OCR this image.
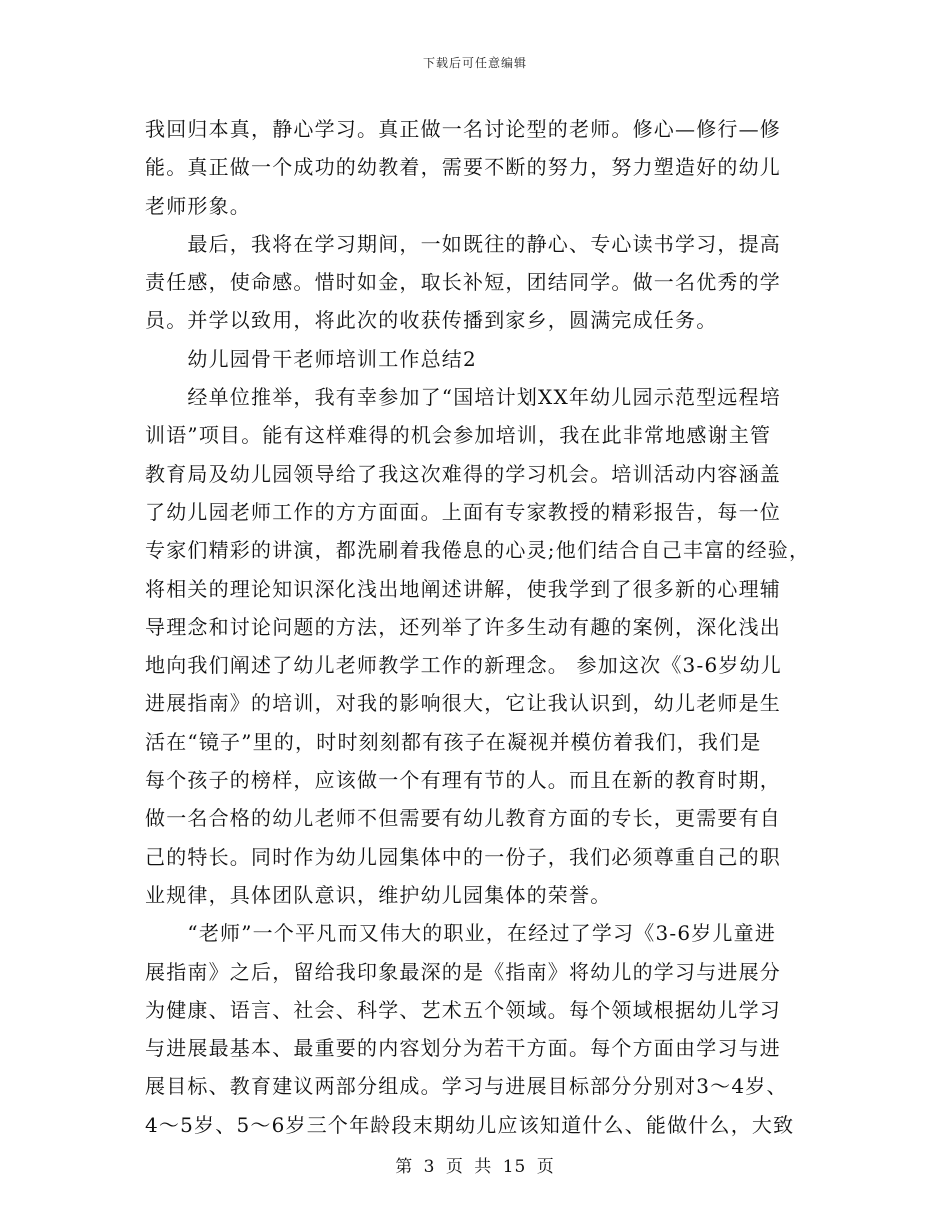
下载后可任意编辑
我回归本真，静心学习。真正做一名讨论型的老师。修心—修行—修
能。真正做一个成功的幼教着，需要不断的努力，努力塑造好的幼儿
老师形象。
　　最后，我将在学习期间，一如既往的静心、专心读书学习，提高
责任感，使命感。惜时如金，取长补短，团结同学。做一名优秀的学
员。并学以致用，将此次的收获传播到家乡，圆满完成任务。
　　幼儿园骨干老师培训工作总结2
　　经单位推举，我有幸参加了“国培计划XX年幼儿园示范型远程培
训语”项目。能有这样难得的机会参加培训，我在此非常地感谢主管
教育局及幼儿园领导给了我这次难得的学习机会。培训活动内容涵盖
了幼儿园老师工作的方方面面。上面有专家教授的精彩报告，每一位
专家们精彩的讲演，都洗刷着我倦息的心灵;他们结合自己丰富的经验，
将相关的理论知识深化浅出地阐述讲解，使我学到了很多新的心理辅
导理念和讨论问题的方法，还列举了许多生动有趣的案例，深化浅出
地向我们阐述了幼儿老师教学工作的新理念。 参加这次《3-6岁幼儿
进展指南》的培训，对我的影响很大，它让我认识到，幼儿老师是生
活在“镜子”里的，时时刻刻都有孩子在凝视并模仿着我们，我们是
每个孩子的榜样，应该做一个有理有节的人。而且在新的教育时期，
做一名合格的幼儿老师不但需要有幼儿教育方面的专长，更需要有自
己的特长。同时作为幼儿园集体中的一份子，我们必须尊重自己的职
业规律，具体团队意识，维护幼儿园集体的荣誉。
　　“老师”一个平凡而又伟大的职业，在经过了学习《3-6岁儿童进
展指南》之后，留给我印象最深的是《指南》将幼儿的学习与进展分
为健康、语言、社会、科学、艺术五个领域。每个领域根据幼儿学习
与进展最基本、最重要的内容划分为若干方面。每个方面由学习与进
展目标、教育建议两部分组成。学习与进展目标部分分别对3～4岁、
4～5岁、5～6岁三个年龄段末期幼儿应该知道什么、能做什么，大致
第 3 页 共 15 页
